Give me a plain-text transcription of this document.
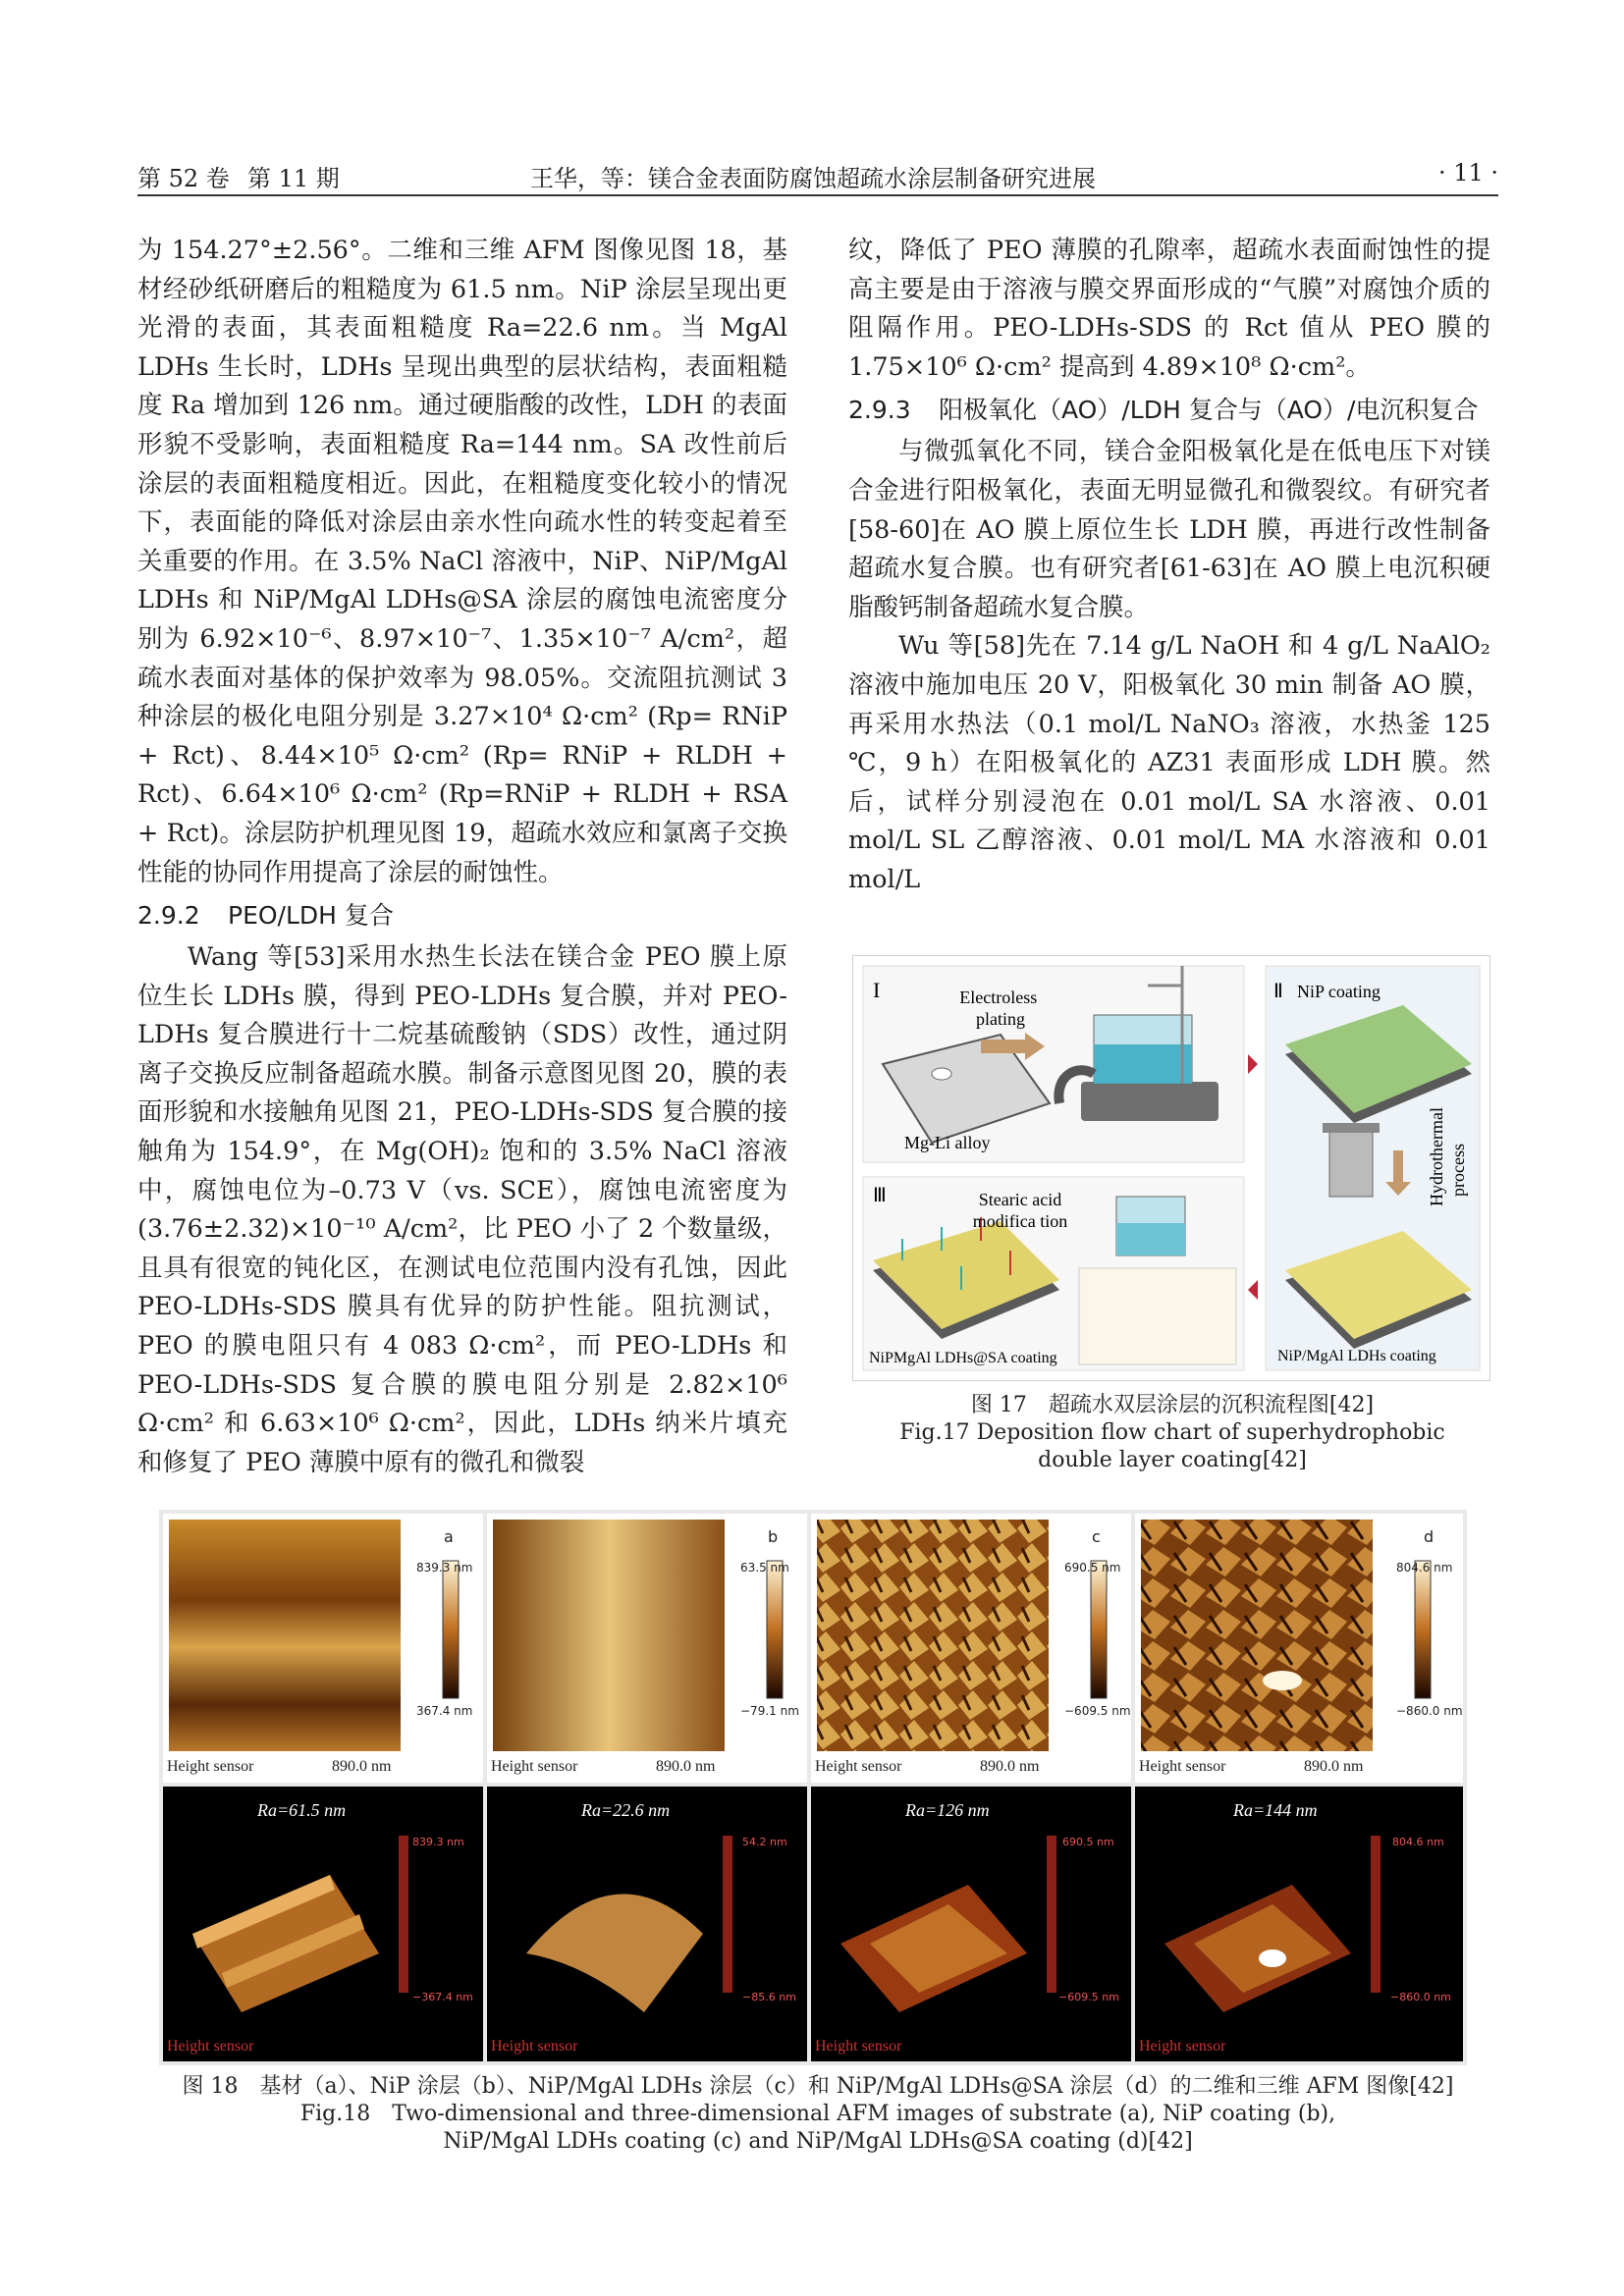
第 52 卷 第 11 期	王华，等：镁合金表面防腐蚀超疏水涂层制备研究进展	· 11 ·

为 154.27°±2.56°。二维和三维 AFM 图像见图 18，基材经砂纸研磨后的粗糙度为 61.5 nm。NiP 涂层呈现出更光滑的表面，其表面粗糙度 Ra=22.6 nm。当 MgAl LDHs 生长时，LDHs 呈现出典型的层状结构，表面粗糙度 Ra 增加到 126 nm。通过硬脂酸的改性，LDH 的表面形貌不受影响，表面粗糙度 Ra=144 nm。SA 改性前后涂层的表面粗糙度相近。因此，在粗糙度变化较小的情况下，表面能的降低对涂层由亲水性向疏水性的转变起着至关重要的作用。在 3.5% NaCl 溶液中，NiP、NiP/MgAl LDHs 和 NiP/MgAl LDHs@SA 涂层的腐蚀电流密度分别为 6.92×10⁻⁶、8.97×10⁻⁷、1.35×10⁻⁷ A/cm²，超疏水表面对基体的保护效率为 98.05%。交流阻抗测试 3 种涂层的极化电阻分别是 3.27×10⁴ Ω·cm² (Rp= RNiP + Rct)、8.44×10⁵ Ω·cm² (Rp= RNiP + RLDH + Rct)、6.64×10⁶ Ω·cm² (Rp=RNiP + RLDH + RSA + Rct)。涂层防护机理见图 19，超疏水效应和氯离子交换性能的协同作用提高了涂层的耐蚀性。

2.9.2 PEO/LDH 复合

Wang 等[53]采用水热生长法在镁合金 PEO 膜上原位生长 LDHs 膜，得到 PEO-LDHs 复合膜，并对 PEO-LDHs 复合膜进行十二烷基硫酸钠（SDS）改性，通过阴离子交换反应制备超疏水膜。制备示意图见图 20，膜的表面形貌和水接触角见图 21，PEO-LDHs-SDS 复合膜的接触角为 154.9°，在 Mg(OH)₂ 饱和的 3.5% NaCl 溶液中，腐蚀电位为–0.73 V（vs. SCE），腐蚀电流密度为(3.76±2.32)×10⁻¹⁰ A/cm²，比 PEO 小了 2 个数量级，且具有很宽的钝化区，在测试电位范围内没有孔蚀，因此 PEO-LDHs-SDS 膜具有优异的防护性能。阻抗测试，PEO 的膜电阻只有 4 083 Ω·cm²，而 PEO-LDHs 和 PEO-LDHs-SDS 复合膜的膜电阻分别是 2.82×10⁶ Ω·cm² 和 6.63×10⁶ Ω·cm²，因此，LDHs 纳米片填充和修复了 PEO 薄膜中原有的微孔和微裂

纹，降低了 PEO 薄膜的孔隙率，超疏水表面耐蚀性的提高主要是由于溶液与膜交界面形成的“气膜”对腐蚀介质的阻隔作用。PEO-LDHs-SDS 的 Rct 值从 PEO 膜的 1.75×10⁶ Ω·cm² 提高到 4.89×10⁸ Ω·cm²。

2.9.3	阳极氧化（AO）/LDH 复合与（AO）/电沉积复合

与微弧氧化不同，镁合金阳极氧化是在低电压下对镁合金进行阳极氧化，表面无明显微孔和微裂纹。有研究者[58-60]在 AO 膜上原位生长 LDH 膜，再进行改性制备超疏水复合膜。也有研究者[61-63]在 AO 膜上电沉积硬脂酸钙制备超疏水复合膜。

Wu 等[58]先在 7.14 g/L NaOH 和 4 g/L NaAlO₂ 溶液中施加电压 20 V，阳极氧化 30 min 制备 AO 膜，再采用水热法（0.1 mol/L NaNO₃ 溶液，水热釜 125 ℃，9 h）在阳极氧化的 AZ31 表面形成 LDH 膜。然后，试样分别浸泡在 0.01 mol/L SA 水溶液、0.01 mol/L SL 乙醇溶液、0.01 mol/L MA 水溶液和 0.01 mol/L

I	Electroless plating
Mg-Li alloy
Ⅱ NiP coating
Hydrothermal process
NiP/MgAl LDHs coating
Ⅲ	Stearic acid
modifica tion
NiPMgAl LDHs@SA coating
图 17　超疏水双层涂层的沉积流程图[42]
Fig.17 Deposition flow chart of superhydrophobic
double layer coating[42]
a
839.3 nm
367.4 nm
Height sensor	890.0 nm
b
63.5 nm
−79.1 nm
Height sensor	890.0 nm
c
690.5 nm
−609.5 nm
Height sensor	890.0 nm
d
804.6 nm
−860.0 nm
Height sensor	890.0 nm
Ra=61.5 nm
839.3 nm
−367.4 nm
Height sensor
Ra=22.6 nm
54.2 nm
−85.6 nm
Height sensor
Ra=126 nm
690.5 nm
−609.5 nm
Height sensor
Ra=144 nm
804.6 nm
−860.0 nm
Height sensor
图 18　基材（a）、NiP 涂层（b）、NiP/MgAl LDHs 涂层（c）和 NiP/MgAl LDHs@SA 涂层（d）的二维和三维 AFM 图像[42]
Fig.18　Two-dimensional and three-dimensional AFM images of substrate (a), NiP coating (b),
NiP/MgAl LDHs coating (c) and NiP/MgAl LDHs@SA coating (d)[42]
